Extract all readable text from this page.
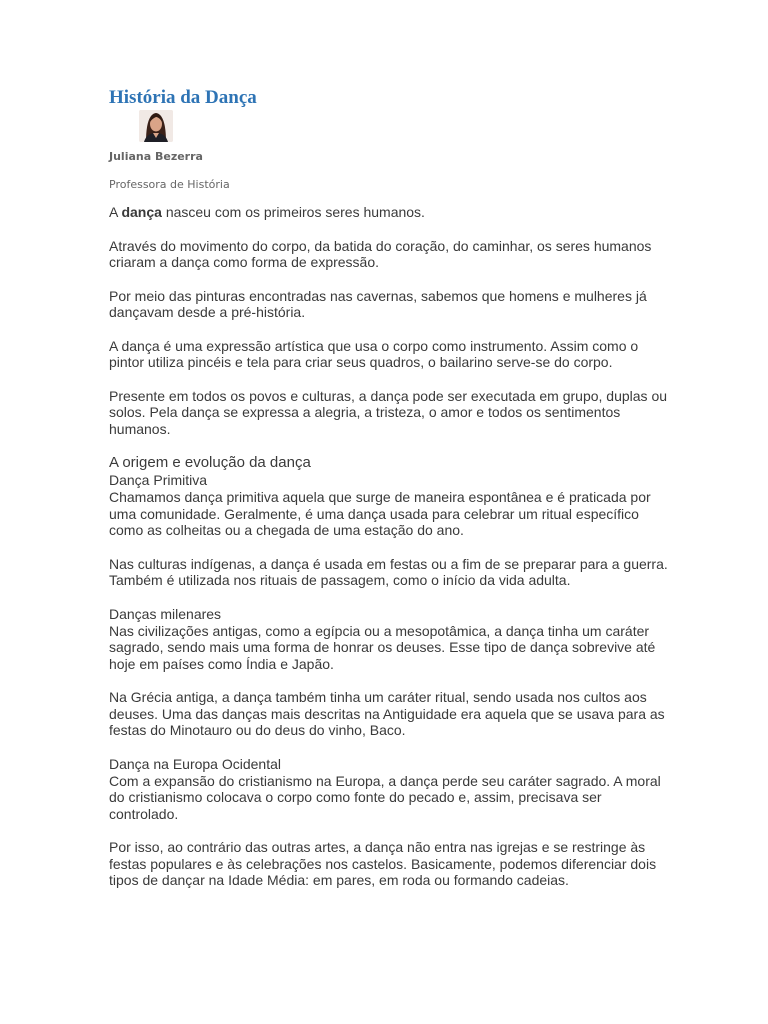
História da Dança
Juliana Bezerra
Professora de História

A dança nasceu com os primeiros seres humanos.

Através do movimento do corpo, da batida do coração, do caminhar, os seres humanos criaram a dança como forma de expressão.

Por meio das pinturas encontradas nas cavernas, sabemos que homens e mulheres já dançavam desde a pré-história.

A dança é uma expressão artística que usa o corpo como instrumento. Assim como o pintor utiliza pincéis e tela para criar seus quadros, o bailarino serve-se do corpo.

Presente em todos os povos e culturas, a dança pode ser executada em grupo, duplas ou solos. Pela dança se expressa a alegria, a tristeza, o amor e todos os sentimentos humanos.

A origem e evolução da dança
Dança Primitiva

Chamamos dança primitiva aquela que surge de maneira espontânea e é praticada por uma comunidade. Geralmente, é uma dança usada para celebrar um ritual específico como as colheitas ou a chegada de uma estação do ano.

Nas culturas indígenas, a dança é usada em festas ou a fim de se preparar para a guerra. Também é utilizada nos rituais de passagem, como o início da vida adulta.

Danças milenares

Nas civilizações antigas, como a egípcia ou a mesopotâmica, a dança tinha um caráter sagrado, sendo mais uma forma de honrar os deuses. Esse tipo de dança sobrevive até hoje em países como Índia e Japão.

Na Grécia antiga, a dança também tinha um caráter ritual, sendo usada nos cultos aos deuses. Uma das danças mais descritas na Antiguidade era aquela que se usava para as festas do Minotauro ou do deus do vinho, Baco.

Dança na Europa Ocidental

Com a expansão do cristianismo na Europa, a dança perde seu caráter sagrado. A moral do cristianismo colocava o corpo como fonte do pecado e, assim, precisava ser controlado.

Por isso, ao contrário das outras artes, a dança não entra nas igrejas e se restringe às festas populares e às celebrações nos castelos. Basicamente, podemos diferenciar dois tipos de dançar na Idade Média: em pares, em roda ou formando cadeias.
